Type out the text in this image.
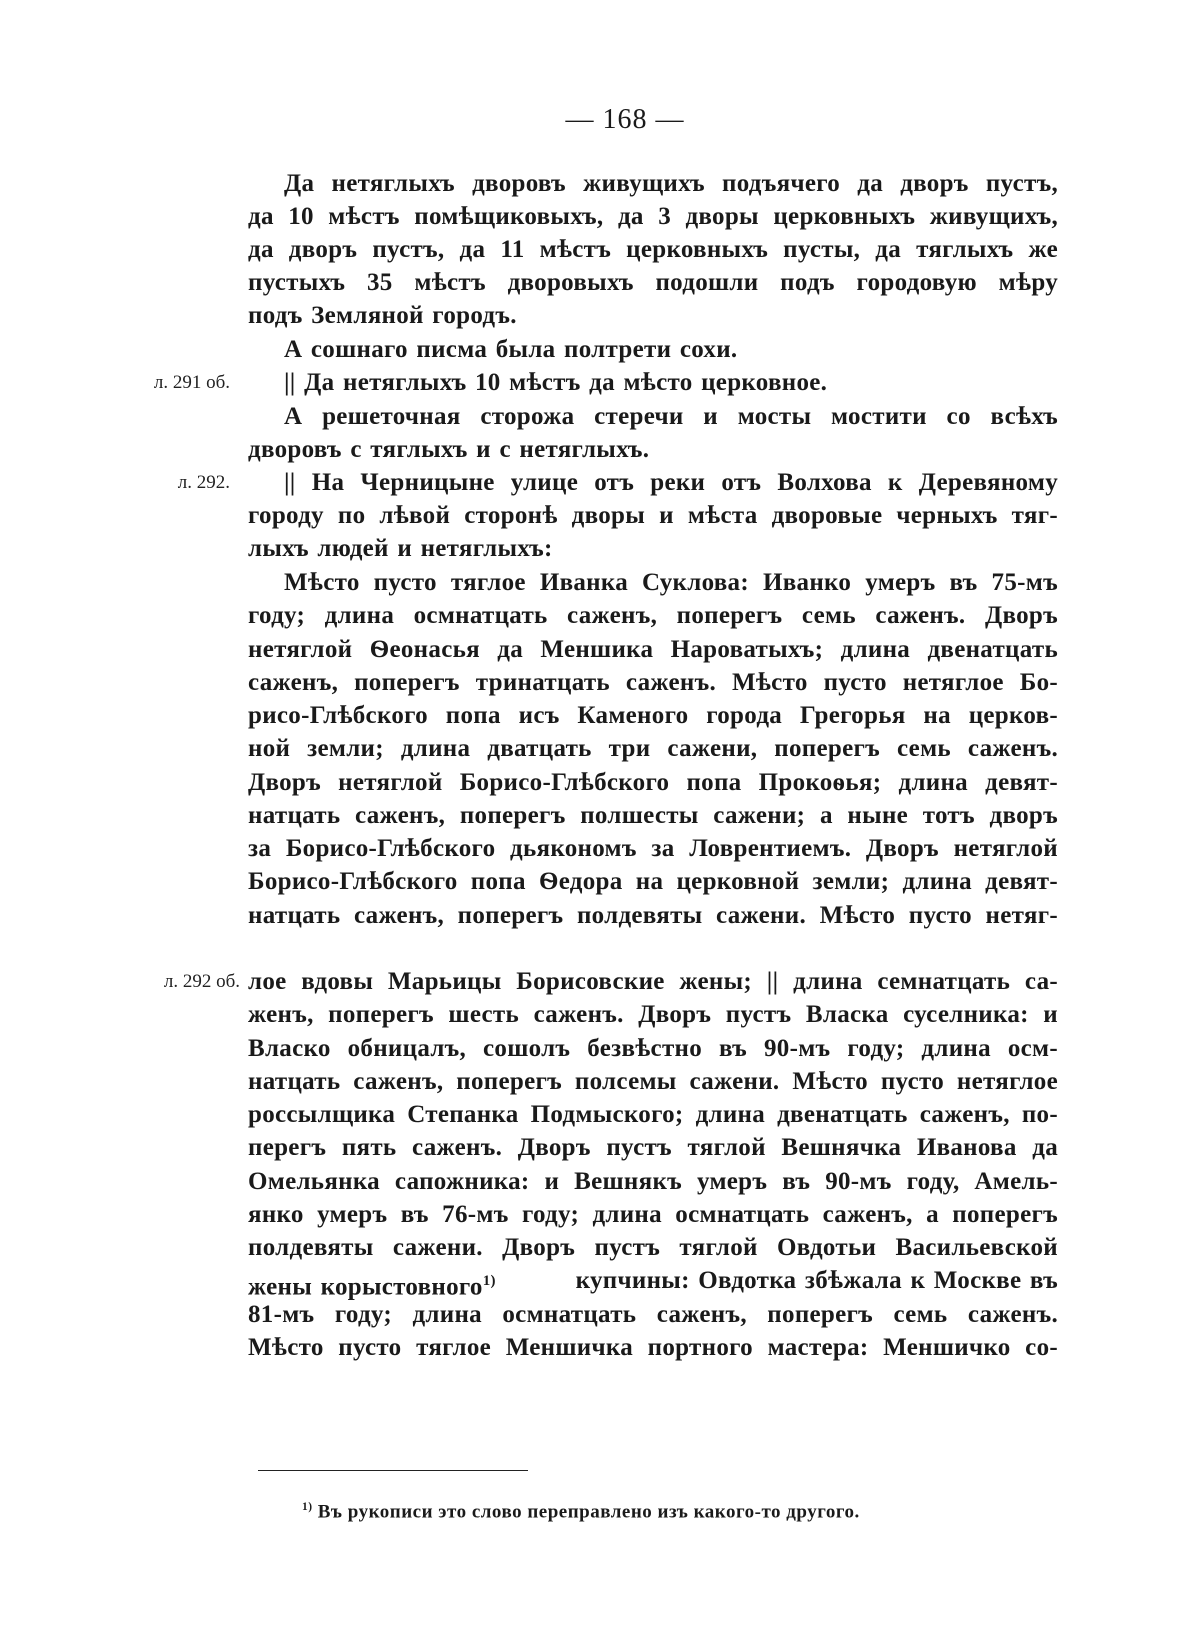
— 168 —
л. 291 об.
л. 292.
л. 292 об.
Да нетяглыхъ дворовъ живущихъ подъячего да дворъ пустъ,
да 10 мѣстъ помѣщиковыхъ, да 3 дворы церковныхъ живущихъ,
да дворъ пустъ, да 11 мѣстъ церковныхъ пусты, да тяглыхъ же
пустыхъ 35 мѣстъ дворовыхъ подошли подъ городовую мѣру
подъ Земляной городъ.
А сошнаго писма была полтрети сохи.
|| Да нетяглыхъ 10 мѣстъ да мѣсто церковное.
А решеточная сторожа стеречи и мосты мостити со всѣхъ
дворовъ с тяглыхъ и с нетяглыхъ.
|| На Черницыне улице отъ реки отъ Волхова к Деревяному
городу по лѣвой сторонѣ дворы и мѣста дворовые черныхъ тяг-
лыхъ людей и нетяглыхъ:
Мѣсто пусто тяглое Иванка Суклова: Иванко умеръ въ 75-мъ
году; длина осмнатцать саженъ, поперегъ семь саженъ. Дворъ
нетяглой Ѳеонасья да Меншика Нароватыхъ; длина двенатцать
саженъ, поперегъ тринатцать саженъ. Мѣсто пусто нетяглое Бо-
рисо-Глѣбского попа исъ Каменого города Грегорья на церков-
ной земли; длина дватцать три сажени, поперегъ семь саженъ.
Дворъ нетяглой Борисо-Глѣбского попа Прокоѳья; длина девят-
натцать саженъ, поперегъ полшесты сажени; а ныне тотъ дворъ
за Борисо-Глѣбского дьякономъ за Ловрентиемъ. Дворъ нетяглой
Борисо-Глѣбского попа Ѳедора на церковной земли; длина девят-
натцать саженъ, поперегъ полдевяты сажени. Мѣсто пусто нетяг-
лое вдовы Марьицы Борисовские жены; || длина семнатцать са-
женъ, поперегъ шесть саженъ. Дворъ пустъ Власка суселника: и
Власко обницалъ, сошолъ безвѣстно въ 90-мъ году; длина осм-
натцать саженъ, поперегъ полсемы сажени. Мѣсто пусто нетяглое
россылщика Степанка Подмыского; длина двенатцать саженъ, по-
перегъ пять саженъ. Дворъ пустъ тяглой Вешнячка Иванова да
Омельянка сапожника: и Вешнякъ умеръ въ 90-мъ году, Амель-
янко умеръ въ 76-мъ году; длина осмнатцать саженъ, а поперегъ
полдевяты сажени. Дворъ пустъ тяглой Овдотьи Васильевской
жены корыстовного$^{1)}$	купчины: Овдотка збѣжала к Москве въ
81-мъ году; длина осмнатцать саженъ, поперегъ семь саженъ.
Мѣсто пусто тяглое Меншичка портного мастера: Меншичко со-
$^{1)}$ Въ рукописи это слово переправлено изъ какого-то другого.
